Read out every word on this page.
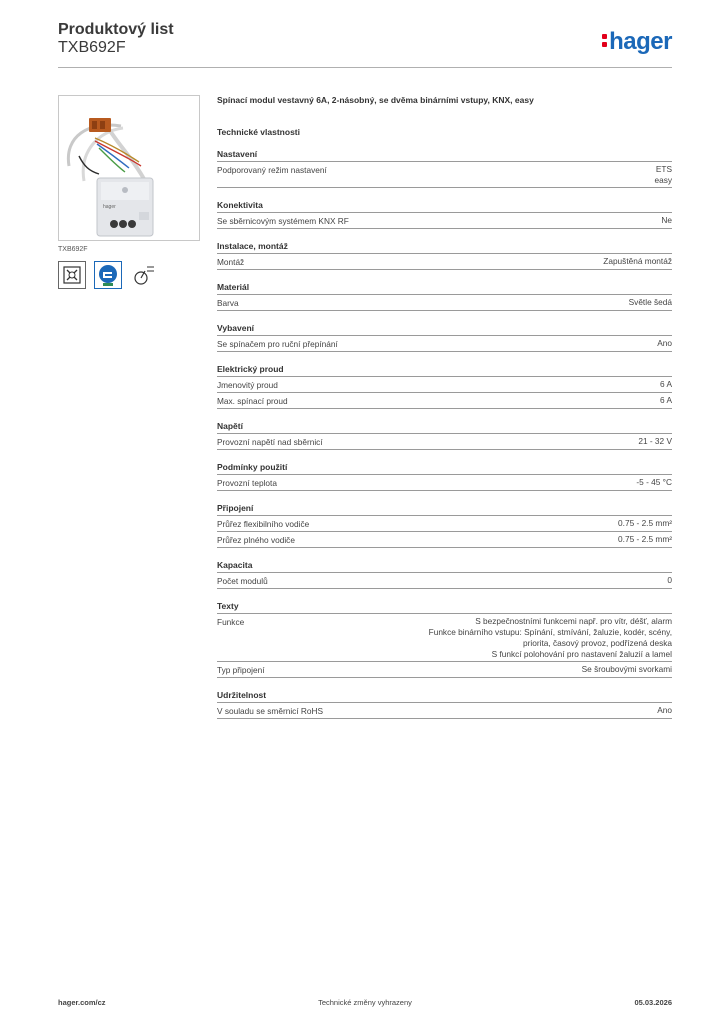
Produktový list
TXB692F	hager
hager
TXB692F
Spínací modul vestavný 6A, 2-násobný, se dvěma binárními vstupy, KNX, easy
Technické vlastnosti
Nastavení
Podporovaný režim nastavení	ETS
easy
Konektivita
Se sběrnicovým systémem KNX RF	Ne
Instalace, montáž
Montáž	Zapuštěná montáž
Materiál
Barva	Světle šedá
Vybavení
Se spínačem pro ruční přepínání	Ano
Elektrický proud
Jmenovitý proud	6 A
Max. spínací proud	6 A
Napětí
Provozní napětí nad sběrnicí	21 - 32 V
Podmínky použití
Provozní teplota	-5 - 45 °C
Připojení
Průřez flexibilního vodiče	0.75 - 2.5 mm²
Průřez plného vodiče	0.75 - 2.5 mm²
Kapacita
Počet modulů	0
Texty
Funkce	S bezpečnostními funkcemi např. pro vítr, déšť, alarm
Funkce binárního vstupu: Spínání, stmívání, žaluzie, kodér, scény,
priorita, časový provoz, podřízená deska
S funkcí polohování pro nastavení žaluzií a lamel
Typ připojení	Se šroubovými svorkami
Udržitelnost
V souladu se směrnicí RoHS	Ano
hager.com/cz	Technické změny vyhrazeny	05.03.2026
